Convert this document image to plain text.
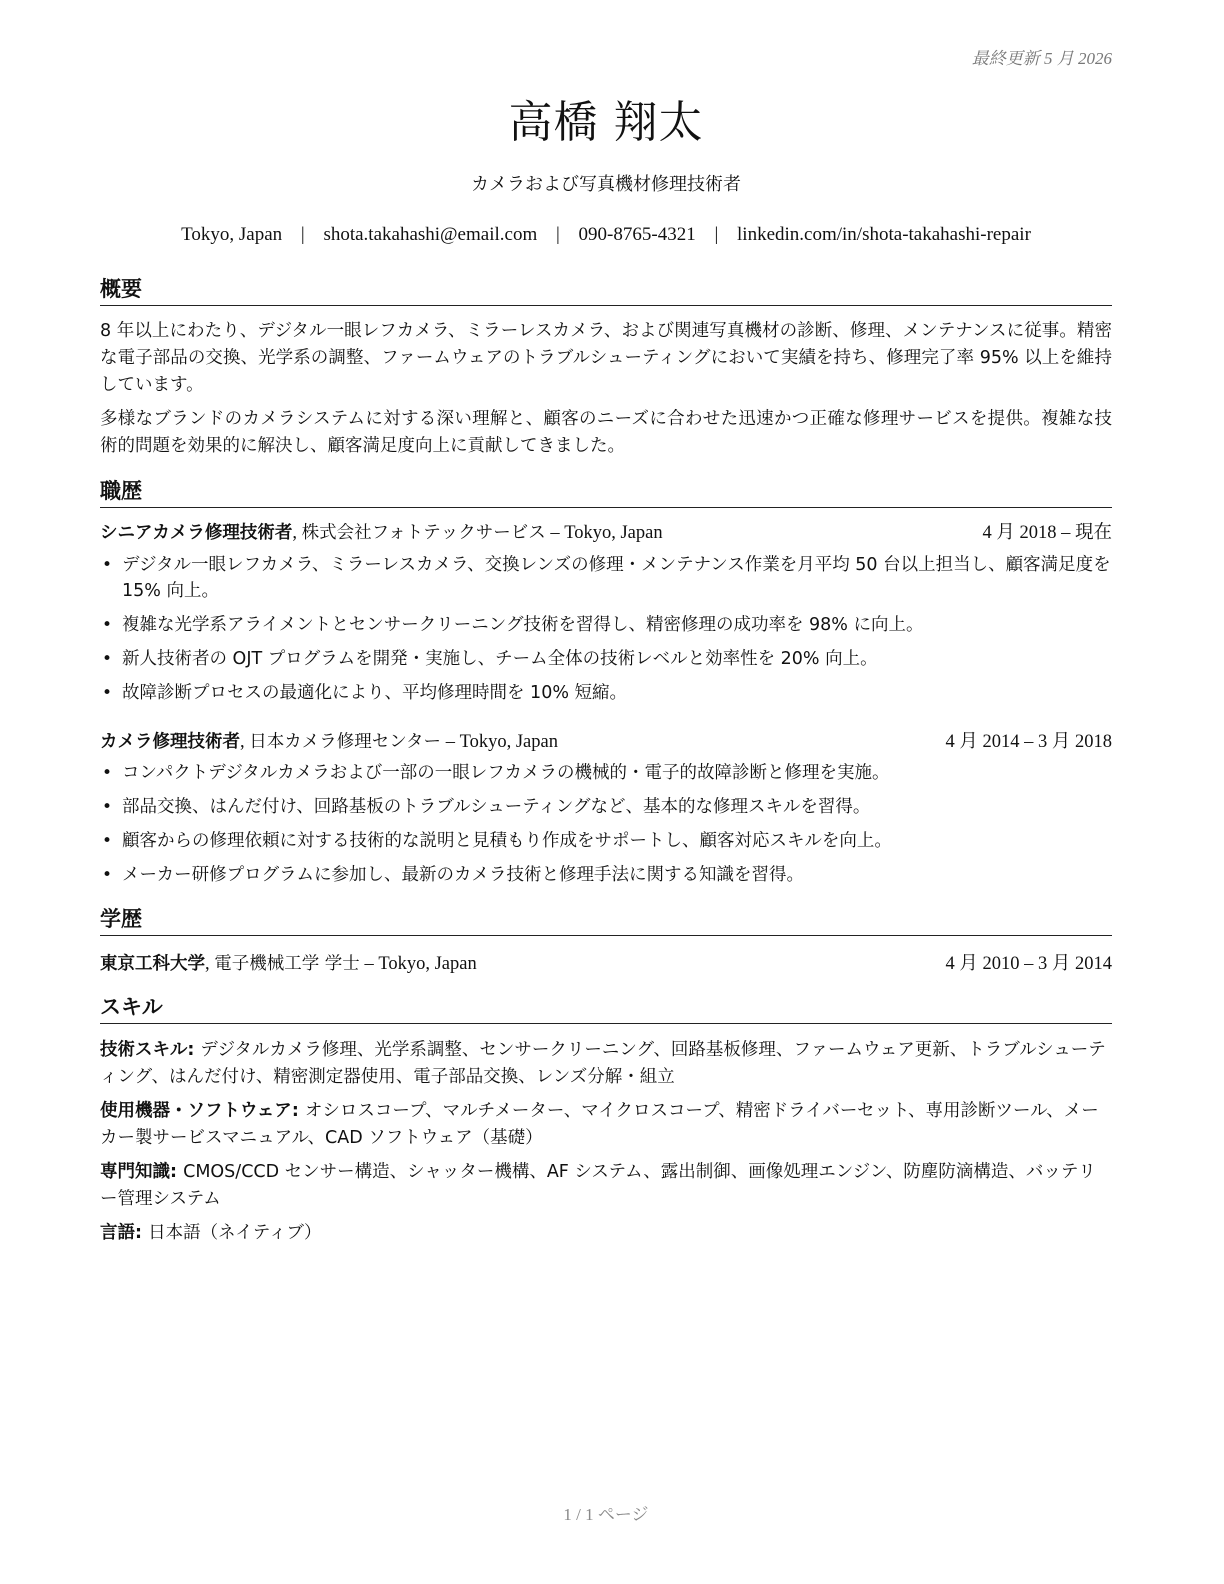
最終更新 5 月 2026
高橋 翔太
カメラおよび写真機材修理技術者
Tokyo, Japan | shota.takahashi@email.com | 090-8765-4321 | linkedin.com/in/shota-takahashi-repair
概要
8 年以上にわたり、デジタル一眼レフカメラ、ミラーレスカメラ、および関連写真機材の診断、修理、メンテナンスに従事。精密な電子部品の交換、光学系の調整、ファームウェアのトラブルシューティングにおいて実績を持ち、修理完了率 95% 以上を維持しています。
多様なブランドのカメラシステムに対する深い理解と、顧客のニーズに合わせた迅速かつ正確な修理サービスを提供。複雑な技術的問題を効果的に解決し、顧客満足度向上に貢献してきました。
職歴
シニアカメラ修理技術者, 株式会社フォトテックサービス – Tokyo, Japan	4 月 2018 – 現在
• デジタル一眼レフカメラ、ミラーレスカメラ、交換レンズの修理・メンテナンス作業を月平均 50 台以上担当し、顧客満足度を 15% 向上。
• 複雑な光学系アライメントとセンサークリーニング技術を習得し、精密修理の成功率を 98% に向上。
• 新人技術者の OJT プログラムを開発・実施し、チーム全体の技術レベルと効率性を 20% 向上。
• 故障診断プロセスの最適化により、平均修理時間を 10% 短縮。
カメラ修理技術者, 日本カメラ修理センター – Tokyo, Japan	4 月 2014 – 3 月 2018
• コンパクトデジタルカメラおよび一部の一眼レフカメラの機械的・電子的故障診断と修理を実施。
• 部品交換、はんだ付け、回路基板のトラブルシューティングなど、基本的な修理スキルを習得。
• 顧客からの修理依頼に対する技術的な説明と見積もり作成をサポートし、顧客対応スキルを向上。
• メーカー研修プログラムに参加し、最新のカメラ技術と修理手法に関する知識を習得。
学歴
東京工科大学, 電子機械工学 学士 – Tokyo, Japan	4 月 2010 – 3 月 2014
スキル
技術スキル: デジタルカメラ修理、光学系調整、センサークリーニング、回路基板修理、ファームウェア更新、トラブルシューティング、はんだ付け、精密測定器使用、電子部品交換、レンズ分解・組立
使用機器・ソフトウェア: オシロスコープ、マルチメーター、マイクロスコープ、精密ドライバーセット、専用診断ツール、メーカー製サービスマニュアル、CAD ソフトウェア（基礎）
専門知識: CMOS/CCD センサー構造、シャッター機構、AF システム、露出制御、画像処理エンジン、防塵防滴構造、バッテリー管理システム
言語: 日本語（ネイティブ）
1 / 1 ページ
